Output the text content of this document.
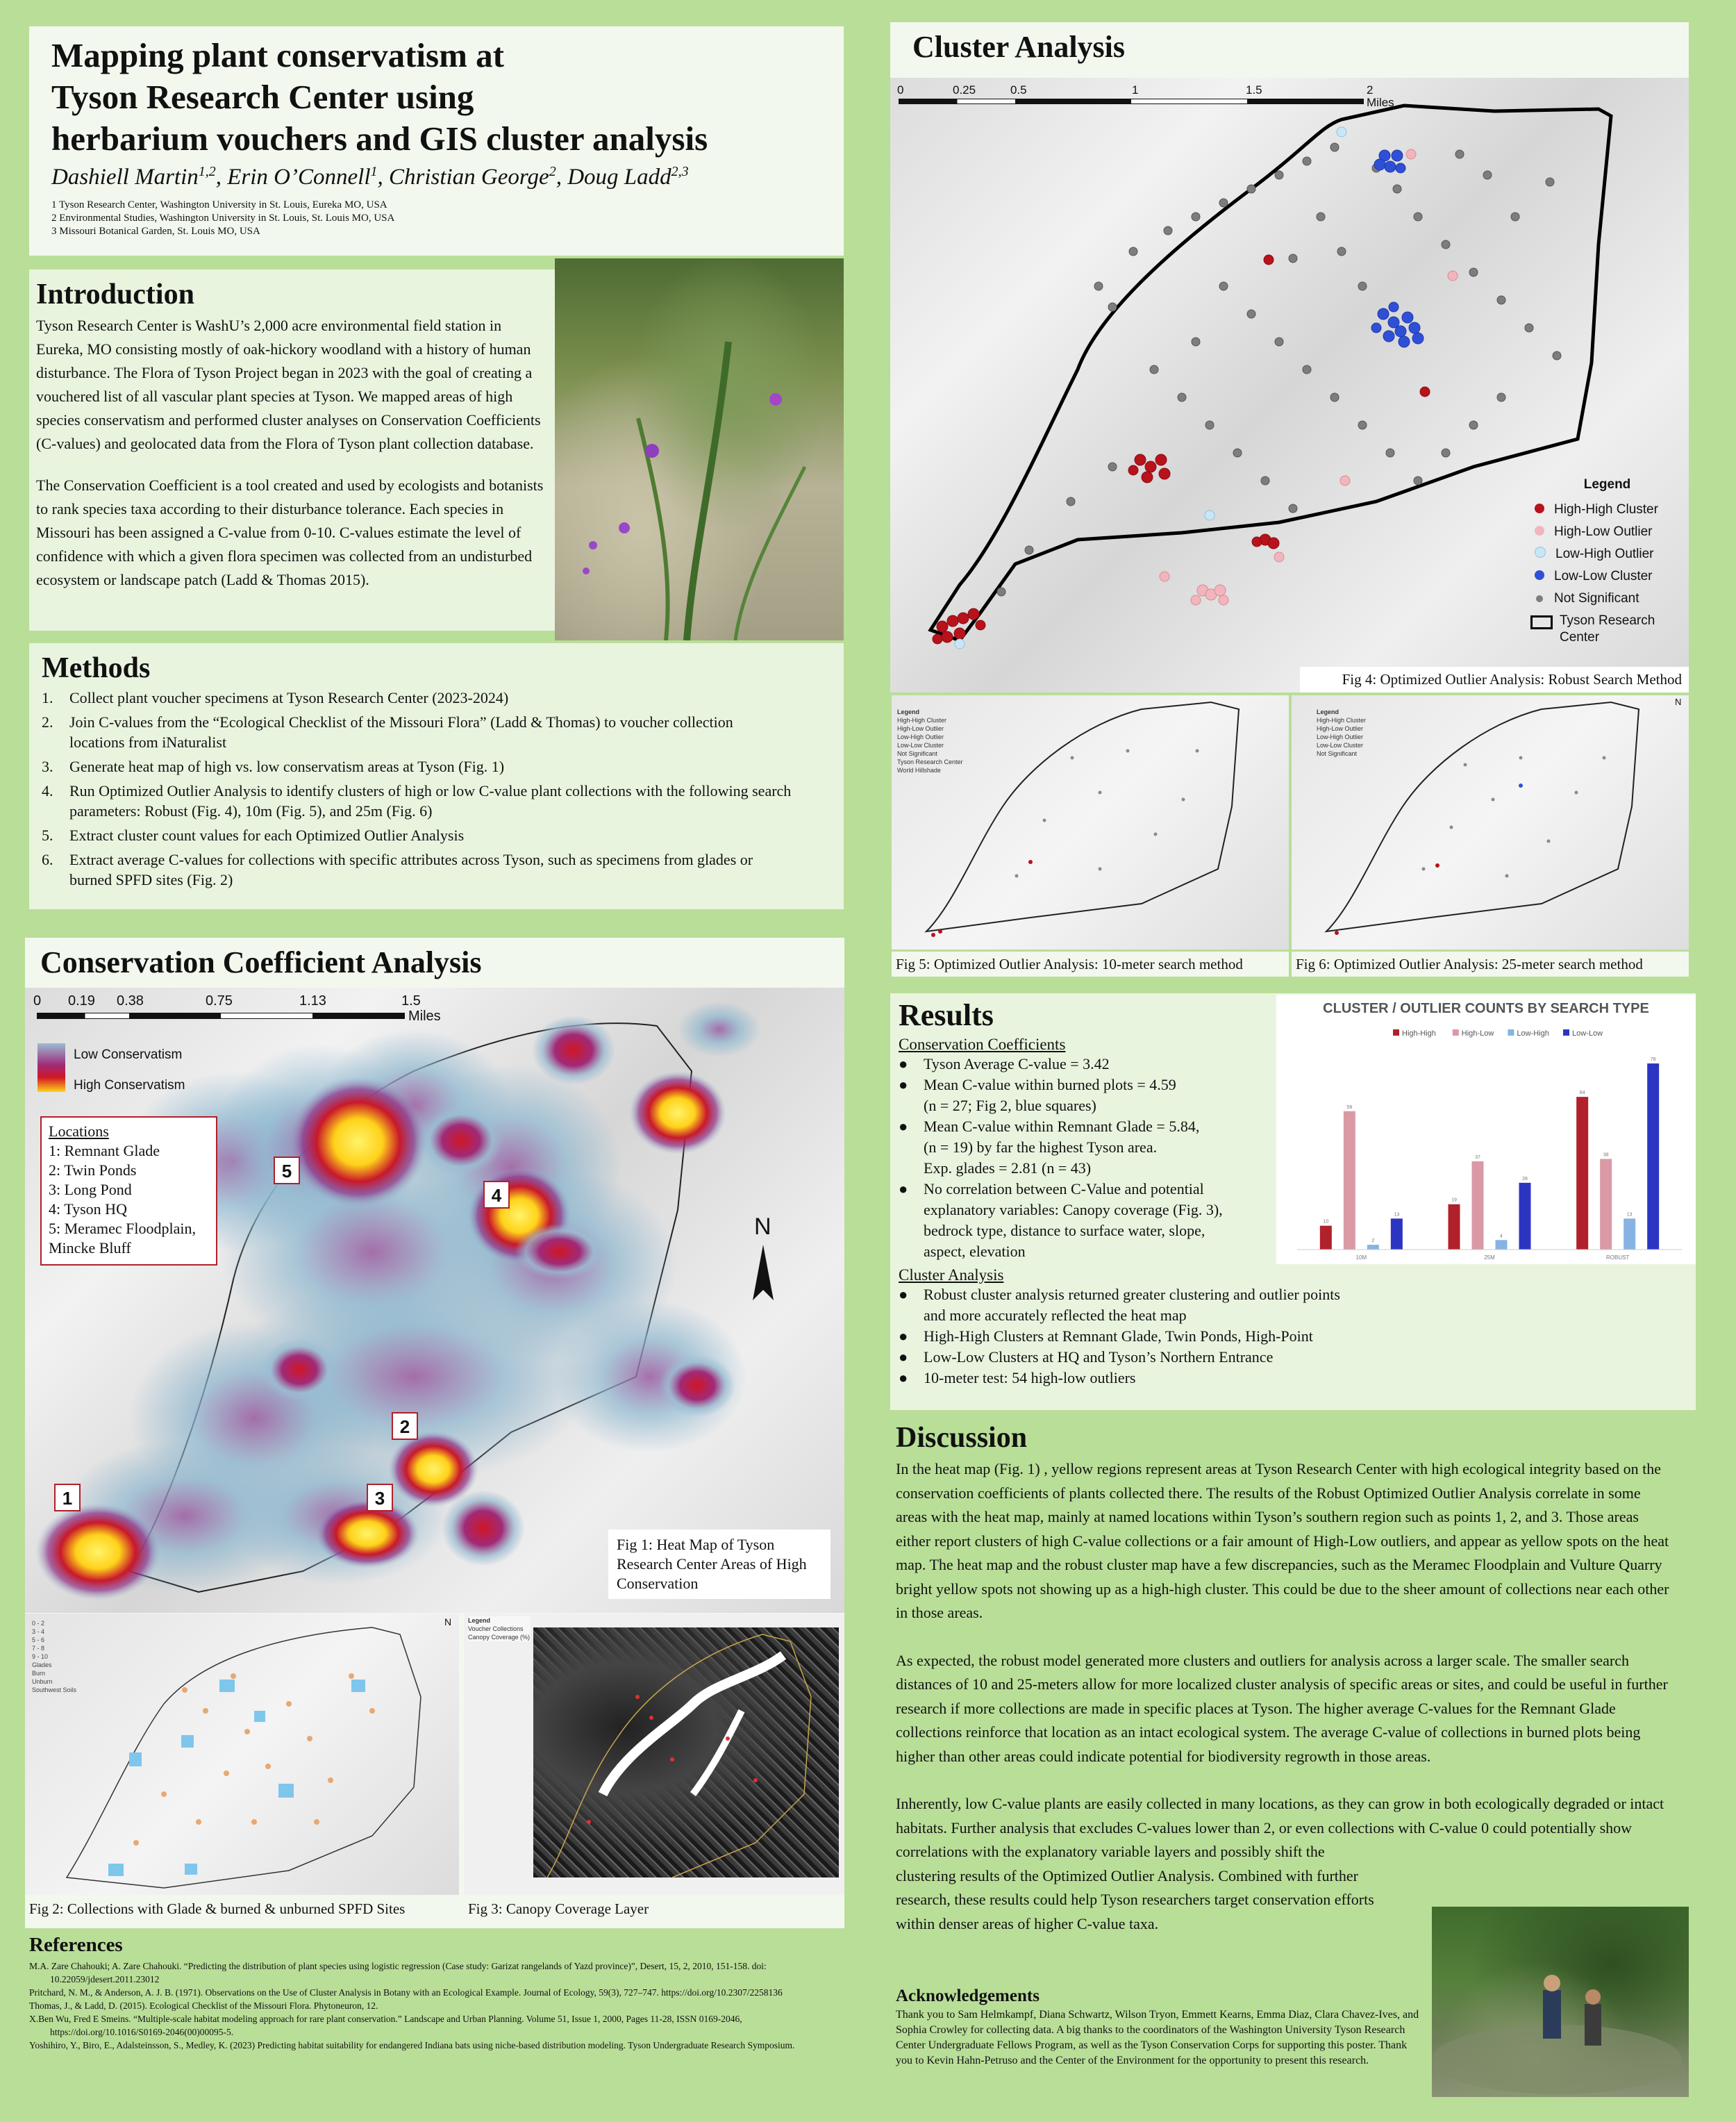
Mapping plant conservatism at
Tyson Research Center using
herbarium vouchers and GIS cluster analysis
Dashiell Martin$^{1,2}$, Erin O’Connell$^1$, Christian George$^2$, Doug Ladd$^{2,3}$
1 Tyson Research Center, Washington University in St. Louis, Eureka MO, USA
2 Environmental Studies, Washington University in St. Louis, St. Louis MO, USA
3 Missouri Botanical Garden, St. Louis MO, USA
Introduction

Tyson Research Center is WashU’s 2,000 acre environmental field station in Eureka, MO consisting mostly of oak-hickory woodland with a history of human disturbance. The Flora of Tyson Project began in 2023 with the goal of creating a vouchered list of all vascular plant species at Tyson. We mapped areas of high species conservatism and performed cluster analyses on Conservation Coefficients (C-values) and geolocated data from the Flora of Tyson plant collection database.

The Conservation Coefficient is a tool created and used by ecologists and botanists to rank species taxa according to their disturbance tolerance. Each species in Missouri has been assigned a C-value from 0-10. C-values estimate the level of confidence with which a given flora specimen was collected from an undisturbed ecosystem or landscape patch (Ladd & Thomas 2015).

Methods
1.	Collect plant voucher specimens at Tyson Research Center (2023-2024)
2.	Join C-values from the “Ecological Checklist of the Missouri Flora” (Ladd & Thomas) to voucher collection locations from iNaturalist
3.	Generate heat map of high vs. low conservatism areas at Tyson (Fig. 1)
4.	Run Optimized Outlier Analysis to identify clusters of high or low C-value plant collections with the following search parameters: Robust (Fig. 4), 10m (Fig. 5), and 25m (Fig. 6)
5.	Extract cluster count values for each Optimized Outlier Analysis
6.	Extract average C-values for collections with specific attributes across Tyson, such as specimens from glades or burned SPFD sites (Fig. 2)
Conservation Coefficient Analysis
0 0.19 0.38	0.75	1.13	1.5
Miles
Low Conservatism
High Conservatism
Locations
1: Remnant Glade
2: Twin Ponds
3: Long Pond
4: Tyson HQ
5: Meramec Floodplain,
Mincke Bluff
1
2
3
4
5
N
Fig 1: Heat Map of Tyson Research Center Areas of High Conservation
0 - 2
3 - 4
5 - 6
7 - 8
9 - 10
Glades
Burn
Unburn
Southwest Soils
N
Fig 2: Collections with Glade & burned & unburned SPFD Sites
Legend
Voucher Collections
Canopy Coverage (%)
Fig 3: Canopy Coverage Layer
References
M.A. Zare Chahouki; A. Zare Chahouki. “Predicting the distribution of plant species using logistic regression (Case study: Garizat rangelands of Yazd province)”, Desert, 15, 2, 2010, 151-158. doi: 10.22059/jdesert.2011.23012
Pritchard, N. M., & Anderson, A. J. B. (1971). Observations on the Use of Cluster Analysis in Botany with an Ecological Example. Journal of Ecology, 59(3), 727–747. https://doi.org/10.2307/2258136
Thomas, J., & Ladd, D. (2015). Ecological Checklist of the Missouri Flora. Phytoneuron, 12.
X.Ben Wu, Fred E Smeins. “Multiple-scale habitat modeling approach for rare plant conservation.” Landscape and Urban Planning. Volume 51, Issue 1, 2000, Pages 11-28, ISSN 0169-2046, https://doi.org/10.1016/S0169-2046(00)00095-5.
Yoshihiro, Y., Biro, E., Adalsteinsson, S., Medley, K. (2023) Predicting habitat suitability for endangered Indiana bats using niche-based distribution modeling. Tyson Undergraduate Research Symposium.
Cluster Analysis
0	0.25	0.5	1	1.5	2
Miles
Legend
High-High Cluster
High-Low Outlier
Low-High Outlier
Low-Low Cluster
Not Significant
Tyson Research Center
Fig 4: Optimized Outlier Analysis: Robust Search Method
Legend
High-High Cluster
High-Low Outlier
Low-High Outlier
Low-Low Cluster
Not Significant
Tyson Research Center
World Hillshade
N
Legend
High-High Cluster
High-Low Outlier
Low-High Outlier
Low-Low Cluster
Not Significant
Fig 5: Optimized Outlier Analysis: 10-meter search method	Fig 6: Optimized Outlier Analysis: 25-meter search method
Results
Conservation Coefficients
●	Tyson Average C-value = 3.42
●	Mean C-value within burned plots = 4.59
(n = 27; Fig 2, blue squares)
●	Mean C-value within Remnant Glade = 5.84,
(n = 19) by far the highest Tyson area.
Exp. glades = 2.81 (n = 43)
●	No correlation between C-Value and potential
explanatory variables: Canopy coverage (Fig. 3),
bedrock type, distance to surface water, slope,
aspect, elevation
Cluster Analysis
●	Robust cluster analysis returned greater clustering and outlier points
and more accurately reflected the heat map
●	High-High Clusters at Remnant Glade, Twin Ponds, High-Point
●	Low-Low Clusters at HQ and Tyson’s Northern Entrance
●	10-meter test: 54 high-low outliers
CLUSTER / OUTLIER COUNTS BY SEARCH TYPE
High-High	High-Low	Low-High	Low-Low
10
58
2
13
19
37
4
28
64
38
13
78
10M	25M	ROBUST
Discussion

In the heat map (Fig. 1) , yellow regions represent areas at Tyson Research Center with high ecological integrity based on the conservation coefficients of plants collected there. The results of the Robust Optimized Outlier Analysis correlate in some areas with the heat map, mainly at named locations within Tyson’s southern region such as points 1, 2, and 3. Those areas either report clusters of high C-value collections or a fair amount of High-Low outliers, and appear as yellow spots on the heat map. The heat map and the robust cluster map have a few discrepancies, such as the Meramec Floodplain and Vulture Quarry bright yellow spots not showing up as a high-high cluster. This could be due to the sheer amount of collections near each other in those areas.

As expected, the robust model generated more clusters and outliers for analysis across a larger scale. The smaller search distances of 10 and 25-meters allow for more localized cluster analysis of specific areas or sites, and could be useful in further research if more collections are made in specific places at Tyson. The higher average C-values for the Remnant Glade collections reinforce that location as an intact ecological system. The average C-value of collections in burned plots being higher than other areas could indicate potential for biodiversity regrowth in those areas.

Inherently, low C-value plants are easily collected in many locations, as they can grow in both ecologically degraded or intact habitats. Further analysis that excludes C-values lower than 2, or even collections with C-value 0 could potentially show correlations with the explanatory variable layers and possibly shift the

clustering results of the Optimized Outlier Analysis. Combined with further research, these results could help Tyson researchers target conservation efforts within denser areas of higher C-value taxa.

Acknowledgements

Thank you to Sam Helmkampf, Diana Schwartz, Wilson Tryon, Emmett Kearns, Emma Diaz, Clara Chavez-Ives, and Sophia Crowley for collecting data. A big thanks to the coordinators of the Washington University Tyson Research Center Undergraduate Fellows Program, as well as the Tyson Conservation Corps for supporting this poster. Thank you to Kevin Hahn-Petruso and the Center of the Environment for the opportunity to present this research.
